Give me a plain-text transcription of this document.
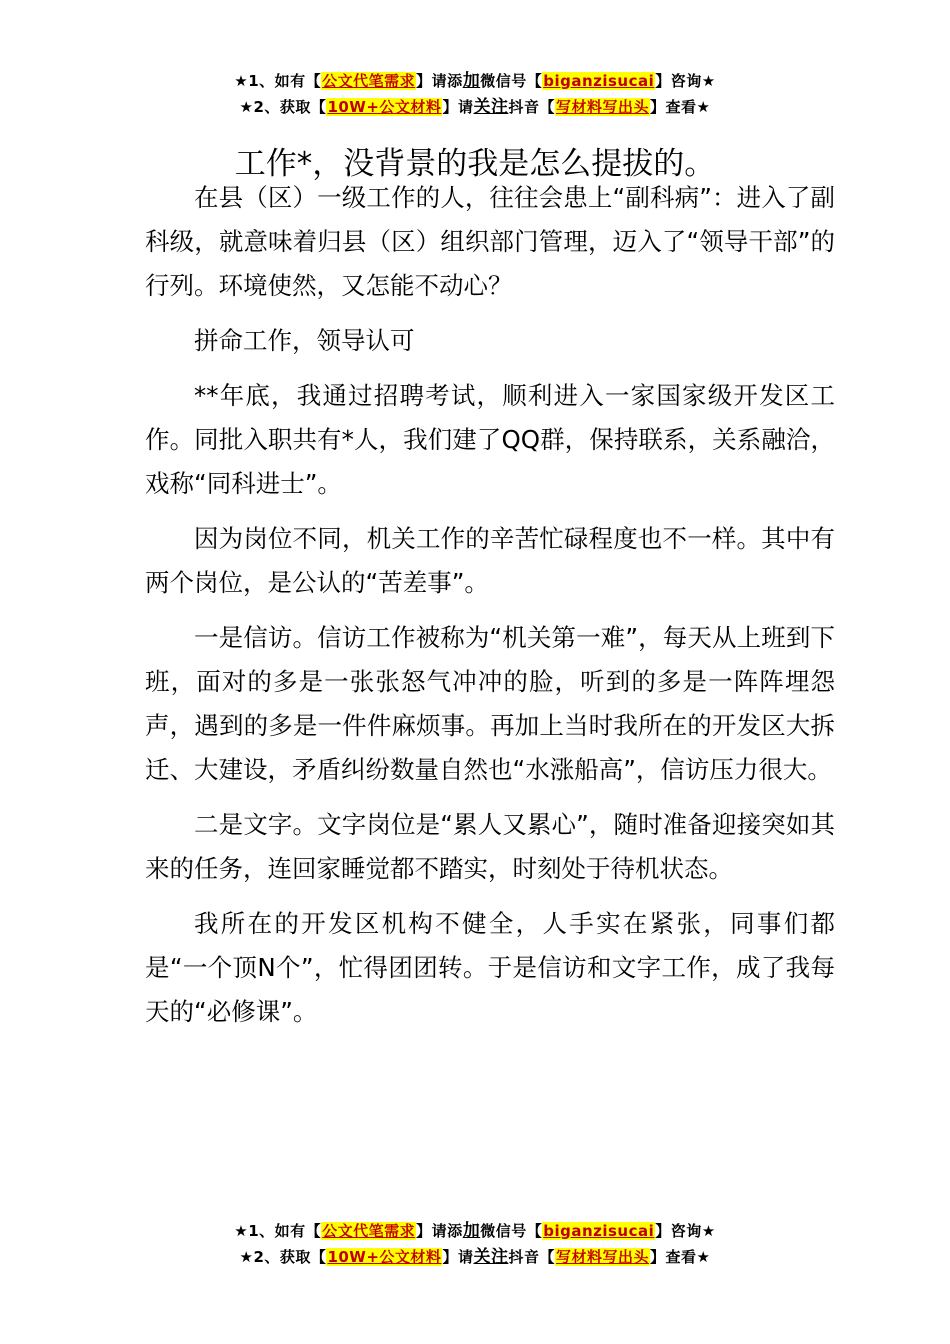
★1、如有【公文代笔需求】请添加微信号【biganzisucai】咨询★
★2、获取【10W+公文材料】请关注抖音【写材料写出头】查看★
工作*，没背景的我是怎么提拔的。

在县（区）一级工作的人，往往会患上“副科病”：进入了副科级，就意味着归县（区）组织部门管理，迈入了“领导干部”的行列。环境使然，又怎能不动心？

拼命工作，领导认可

**年底，我通过招聘考试，顺利进入一家国家级开发区工作。同批入职共有*人，我们建了QQ群，保持联系，关系融洽，戏称“同科进士”。

因为岗位不同，机关工作的辛苦忙碌程度也不一样。其中有两个岗位，是公认的“苦差事”。

一是信访。信访工作被称为“机关第一难”，每天从上班到下班，面对的多是一张张怒气冲冲的脸，听到的多是一阵阵埋怨声，遇到的多是一件件麻烦事。再加上当时我所在的开发区大拆迁、大建设，矛盾纠纷数量自然也“水涨船高”，信访压力很大。

二是文字。文字岗位是“累人又累心”，随时准备迎接突如其来的任务，连回家睡觉都不踏实，时刻处于待机状态。

我所在的开发区机构不健全，人手实在紧张，同事们都是“一个顶N个”，忙得团团转。于是信访和文字工作，成了我每天的“必修课”。

★1、如有【公文代笔需求】请添加微信号【biganzisucai】咨询★
★2、获取【10W+公文材料】请关注抖音【写材料写出头】查看★
